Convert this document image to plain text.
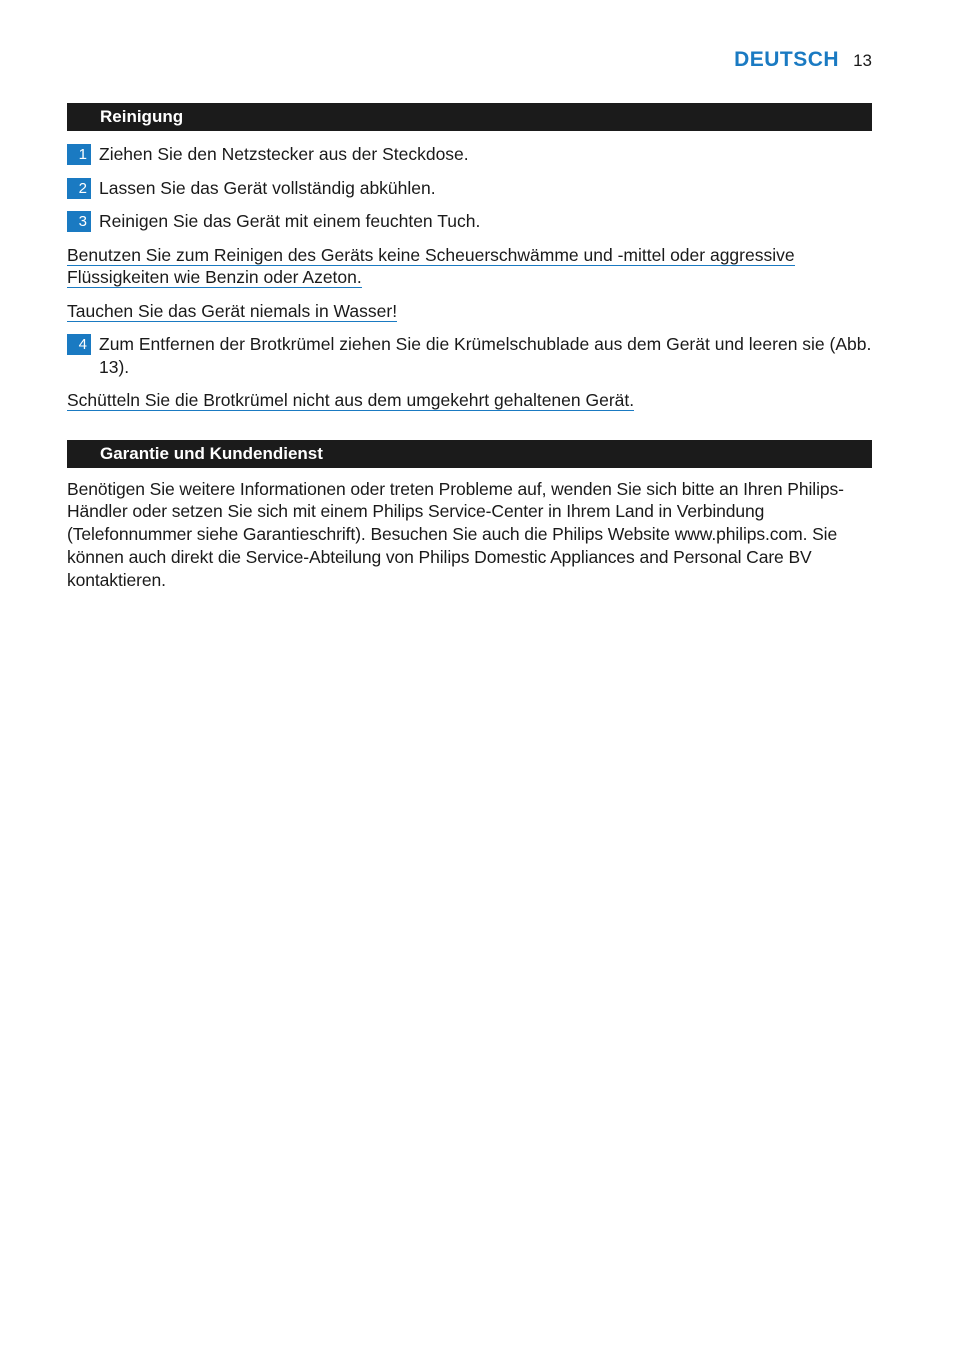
DEUTSCH 13
Reinigung
1 Ziehen Sie den Netzstecker aus der Steckdose.
2 Lassen Sie das Gerät vollständig abkühlen.
3 Reinigen Sie das Gerät mit einem feuchten Tuch.

Benutzen Sie zum Reinigen des Geräts keine Scheuerschwämme und -mittel oder aggressive Flüssigkeiten wie Benzin oder Azeton.

Tauchen Sie das Gerät niemals in Wasser!

4 Zum Entfernen der Brotkrümel ziehen Sie die Krümelschublade aus dem Gerät und leeren sie (Abb. 13).

Schütteln Sie die Brotkrümel nicht aus dem umgekehrt gehaltenen Gerät.

Garantie und Kundendienst
Benötigen Sie weitere Informationen oder treten Probleme auf, wenden Sie sich bitte an Ihren Philips-Händler oder setzen Sie sich mit einem Philips Service-Center in Ihrem Land in Verbindung (Telefonnummer siehe Garantieschrift). Besuchen Sie auch die Philips Website www.philips.com. Sie können auch direkt die Service-Abteilung von Philips Domestic Appliances and Personal Care BV kontaktieren.
